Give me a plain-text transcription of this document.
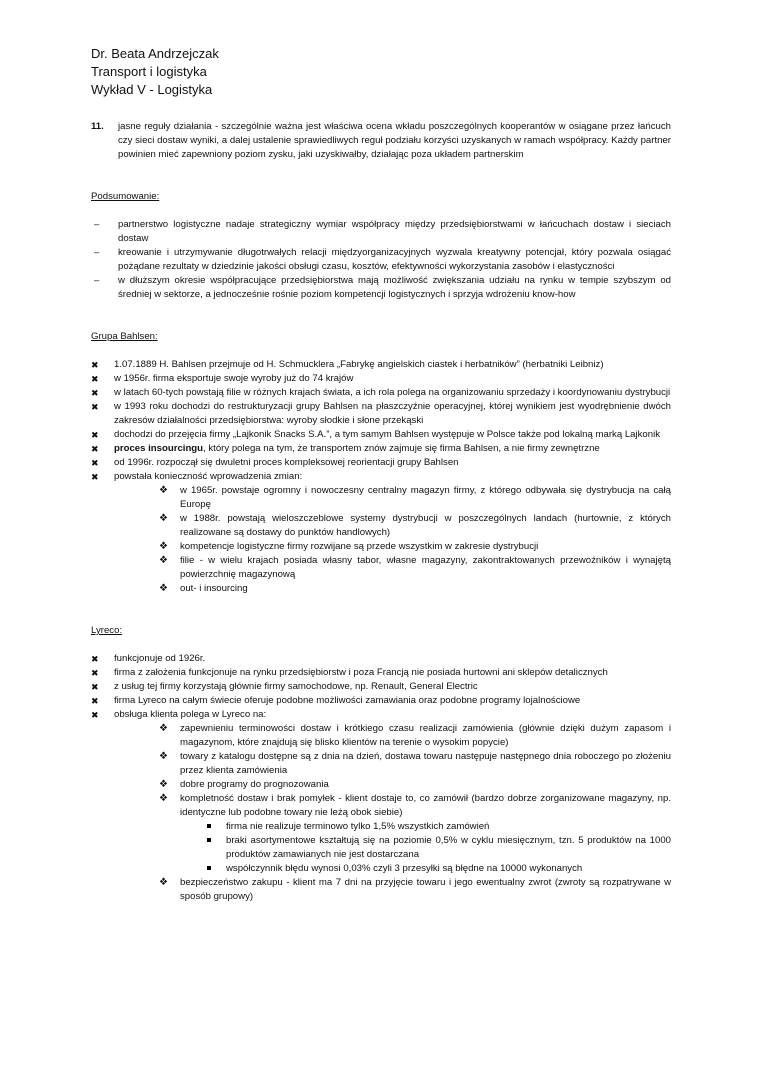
Dr. Beata Andrzejczak
Transport i logistyka
Wykład V - Logistyka
11. jasne reguły działania - szczególnie ważna jest właściwa ocena wkładu poszczególnych kooperantów w osiągane przez łańcuch czy sieci dostaw wyniki, a dalej ustalenie sprawiedliwych reguł podziału korzyści uzyskanych w ramach współpracy. Każdy partner powinien mieć zapewniony poziom zysku, jaki uzyskiwałby, działając poza układem partnerskim

Podsumowanie:

– partnerstwo logistyczne nadaje strategiczny wymiar współpracy między przedsiębiorstwami w łańcuchach dostaw i sieciach dostaw
– kreowanie i utrzymywanie długotrwałych relacji międzyorganizacyjnych wyzwala kreatywny potencjał, który pozwala osiągać pożądane rezultaty w dziedzinie jakości obsługi czasu, kosztów, efektywności wykorzystania zasobów i elastyczności
– w dłuższym okresie współpracujące przedsiębiorstwa mają możliwość zwiększania udziału na rynku w tempie szybszym od średniej w sektorze, a jednocześnie rośnie poziom kompetencji logistycznych i sprzyja wdrożeniu know-how

Grupa Bahlsen:

✖ 1.07.1889 H. Bahlsen przejmuje od H. Schmucklera „Fabrykę angielskich ciastek i herbatników” (herbatniki Leibniz)
✖ w 1956r. firma eksportuje swoje wyroby już do 74 krajów
✖ w latach 60-tych powstają filie w różnych krajach świata, a ich rola polega na organizowaniu sprzedaży i koordynowaniu dystrybucji
✖ w 1993 roku dochodzi do restrukturyzacji grupy Bahlsen na płaszczyźnie operacyjnej, której wynikiem jest wyodrębnienie dwóch zakresów działalności przedsiębiorstwa: wyroby słodkie i słone przekąski
✖ dochodzi do przejęcia firmy „Lajkonik Snacks S.A.”, a tym samym Bahlsen występuje w Polsce także pod lokalną marką Lajkonik
✖ proces insourcingu, który polega na tym, że transportem znów zajmuje się firma Bahlsen, a nie firmy zewnętrzne
✖ od 1996r. rozpoczął się dwuletni proces kompleksowej reorientacji grupy Bahlsen
✖ powstała konieczność wprowadzenia zmian:
❖ w 1965r. powstaje ogromny i nowoczesny centralny magazyn firmy, z którego odbywała się dystrybucja na całą Europę
❖ w 1988r. powstają wieloszczeblowe systemy dystrybucji w poszczególnych landach (hurtownie, z których realizowane są dostawy do punktów handlowych)
❖ kompetencje logistyczne firmy rozwijane są przede wszystkim w zakresie dystrybucji
❖ filie - w wielu krajach posiada własny tabor, własne magazyny, zakontraktowanych przewoźników i wynajętą powierzchnię magazynową
❖ out- i insourcing

Lyreco:

✖ funkcjonuje od 1926r.
✖ firma z założenia funkcjonuje na rynku przedsiębiorstw i poza Francją nie posiada hurtowni ani sklepów detalicznych
✖ z usług tej firmy korzystają głównie firmy samochodowe, np. Renault, General Electric
✖ firma Lyreco na całym świecie oferuje podobne możliwości zamawiania oraz podobne programy lojalnościowe
✖ obsługa klienta polega w Lyreco na:
❖ zapewnieniu terminowości dostaw i krótkiego czasu realizacji zamówienia (głównie dzięki dużym zapasom i magazynom, które znajdują się blisko klientów na terenie o wysokim popycie)
❖ towary z katalogu dostępne są z dnia na dzień, dostawa towaru następuje następnego dnia roboczego po złożeniu przez klienta zamówienia
❖ dobre programy do prognozowania
❖ kompletność dostaw i brak pomyłek - klient dostaje to, co zamówił (bardzo dobrze zorganizowane magazyny, np. identyczne lub podobne towary nie leżą obok siebie)
firma nie realizuje terminowo tylko 1,5% wszystkich zamówień
braki asortymentowe kształtują się na poziomie 0,5% w cyklu miesięcznym, tzn. 5 produktów na 1000 produktów zamawianych nie jest dostarczana
współczynnik błędu wynosi 0,03% czyli 3 przesyłki są błędne na 10000 wykonanych
❖ bezpieczeństwo zakupu - klient ma 7 dni na przyjęcie towaru i jego ewentualny zwrot (zwroty są rozpatrywane w sposób grupowy)
